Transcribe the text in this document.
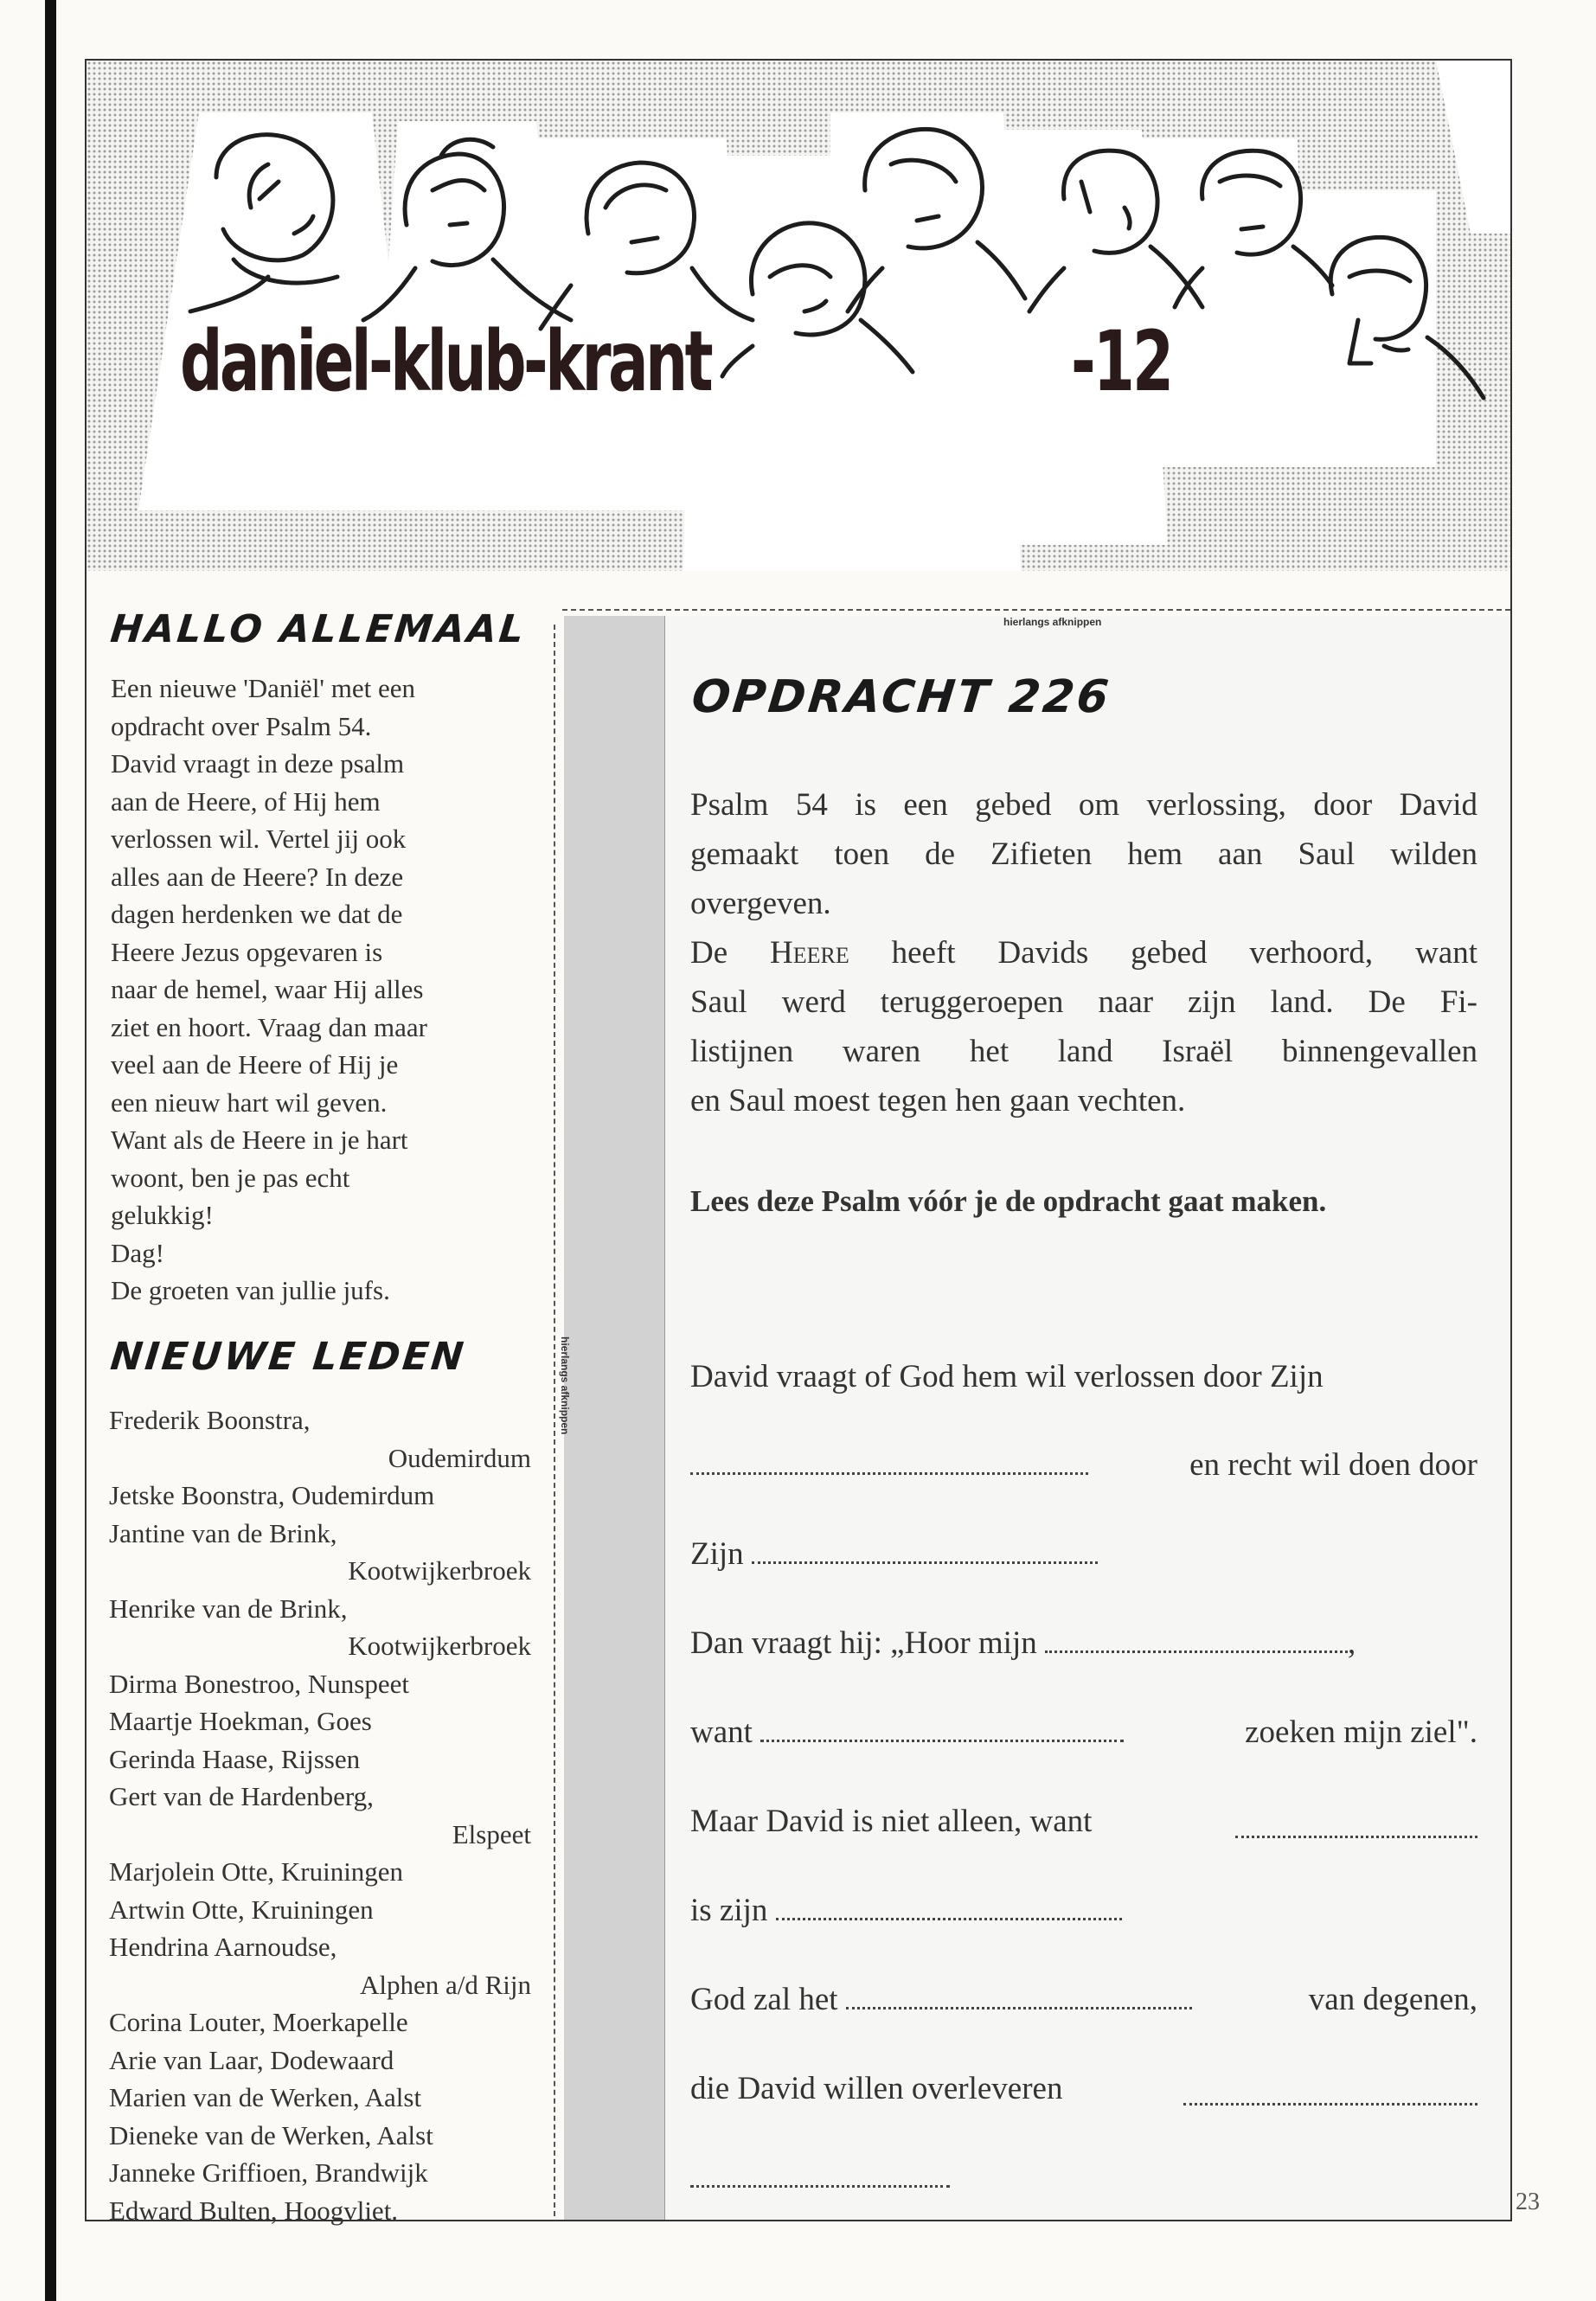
daniel-klub-krant	-12
HALLO ALLEMAAL

Een nieuwe 'Daniël' met een

opdracht over Psalm 54.

David vraagt in deze psalm

aan de Heere, of Hij hem

verlossen wil. Vertel jij ook

alles aan de Heere? In deze

dagen herdenken we dat de

Heere Jezus opgevaren is

naar de hemel, waar Hij alles

ziet en hoort. Vraag dan maar

veel aan de Heere of Hij je

een nieuw hart wil geven.

Want als de Heere in je hart

woont, ben je pas echt

gelukkig!

Dag!

De groeten van jullie jufs.

NIEUWE LEDEN

Frederik Boonstra,

Oudemirdum

Jetske Boonstra, Oudemirdum

Jantine van de Brink,

Kootwijkerbroek

Henrike van de Brink,

Kootwijkerbroek

Dirma Bonestroo, Nunspeet

Maartje Hoekman, Goes

Gerinda Haase, Rijssen

Gert van de Hardenberg,

Elspeet

Marjolein Otte, Kruiningen

Artwin Otte, Kruiningen

Hendrina Aarnoudse,

Alphen a/d Rijn

Corina Louter, Moerkapelle

Arie van Laar, Dodewaard

Marien van de Werken, Aalst

Dieneke van de Werken, Aalst

Janneke Griffioen, Brandwijk

Edward Bulten, Hoogvliet.

hierlangs afknippen
hierlangs afknippen
OPDRACHT 226

Psalm 54 is een gebed om verlossing, door David

gemaakt toen de Zifieten hem aan Saul wilden

overgeven.

De Heere heeft Davids gebed verhoord, want

Saul werd teruggeroepen naar zijn land. De Fi-

listijnen waren het land Israël binnengevallen

en Saul moest tegen hen gaan vechten.

Lees deze Psalm vóór je de opdracht gaat maken.
David vraagt of God hem wil verlossen door Zijn
en recht wil doen door
Zijn
Dan vraagt hij: „Hoor mijn	,
want	zoeken mijn ziel".
Maar David is niet alleen, want
is zijn
God zal het	van degenen,
die David willen overleveren
23
